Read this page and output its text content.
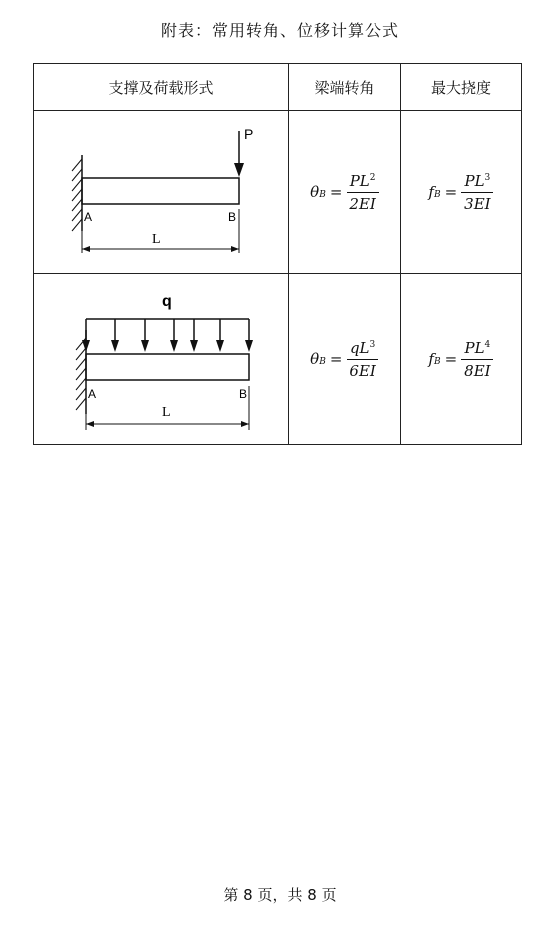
附表：常用转角、位移计算公式
支撑及荷载形式	梁端转角	最大挠度

P
A B
L	$\theta_B = \frac{PL^2}{2EI}$	$f_B = \frac{PL^3}{3EI}$

q
A B
L	$\theta_B = \frac{qL^3}{6EI}$	$f_B = \frac{PL^4}{8EI}$
第 8 页，共 8 页
